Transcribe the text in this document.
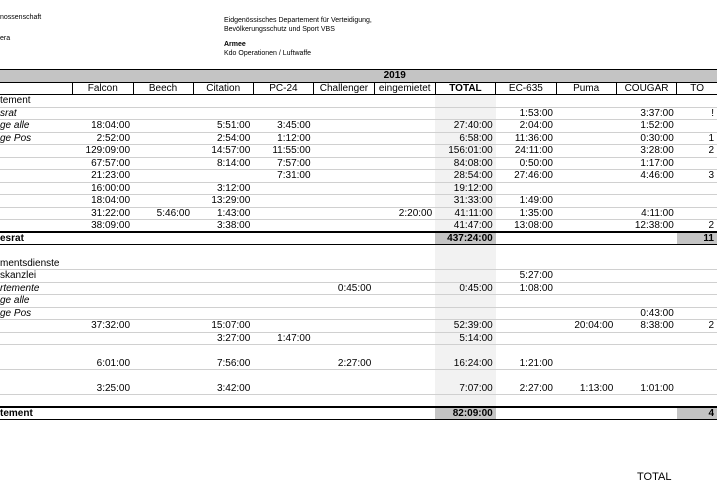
nossenschaft
era
Eidgenössisches Departement für Verteidigung,
Bevölkerungsschutz und Sport VBS
Armee
Kdo Operationen / Luftwaffe
	2019										
	Falcon	Beech	Citation	PC-24	Challenger	eingemietet	TOTAL	EC-635	Puma	COUGAR	TO
tement											
srat								1:53:00		3:37:00	!
ge alle	18:04:00		5:51:00	3:45:00			27:40:00	2:04:00		1:52:00	
ge Pos	2:52:00		2:54:00	1:12:00			6:58:00	11:36:00		0:30:00	1
	129:09:00		14:57:00	11:55:00			156:01:00	24:11:00		3:28:00	2
	67:57:00		8:14:00	7:57:00			84:08:00	0:50:00		1:17:00	
	21:23:00			7:31:00			28:54:00	27:46:00		4:46:00	3
	16:00:00		3:12:00				19:12:00				
	18:04:00		13:29:00				31:33:00	1:49:00			
	31:22:00	5:46:00	1:43:00			2:20:00	41:11:00	1:35:00		4:11:00	
	38:09:00		3:38:00				41:47:00	13:08:00		12:38:00	2
esrat							437:24:00				11

mentsdienste											
skanzlei								5:27:00			
rtemente					0:45:00		0:45:00	1:08:00			
ge alle											
ge Pos										0:43:00	
	37:32:00		15:07:00				52:39:00		20:04:00	8:38:00	2
			3:27:00	1:47:00			5:14:00				

	6:01:00		7:56:00		2:27:00		16:24:00	1:21:00			

	3:25:00		3:42:00				7:07:00	2:27:00	1:13:00	1:01:00	

tement							82:09:00				4
TOTAL
